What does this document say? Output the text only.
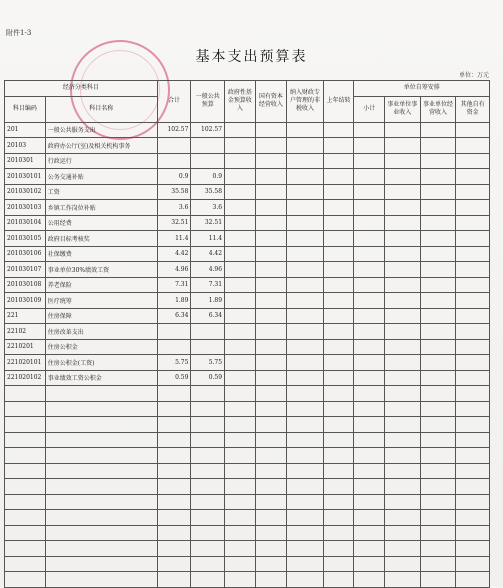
附件1-3
基本支出预算表
单位：万元
经济分类科目		合计	一般公共预算	政府性基金预算收入	国有资本经营收入	纳入财政专户管理的非税收入	上年结转	单位自筹安排			
科目编码	科目名称							小计	事业单位事业收入	事业单位经营收入	其他自有资金
201	一般公共服务支出	102.57	102.57								
20103	政府办公厅(室)及相关机构事务										
2010301	行政运行										
201030101	公务交通补贴	0.9	0.9								
201030102	工资	35.58	35.58								
201030103	乡镇工作岗位补贴	3.6	3.6								
201030104	公用经费	32.51	32.51								
201030105	政府目标考核奖	11.4	11.4								
201030106	社保缴费	4.42	4.42								
201030107	事业单位30%绩效工资	4.96	4.96								
201030108	养老保险	7.31	7.31								
201030109	医疗统筹	1.89	1.89								
221	住房保障	6.34	6.34								
22102	住房改革支出										
2210201	住房公积金										
221020101	住房公积金(工资)	5.75	5.75								
221020102	事业绩效工资公积金	0.59	0.59								
